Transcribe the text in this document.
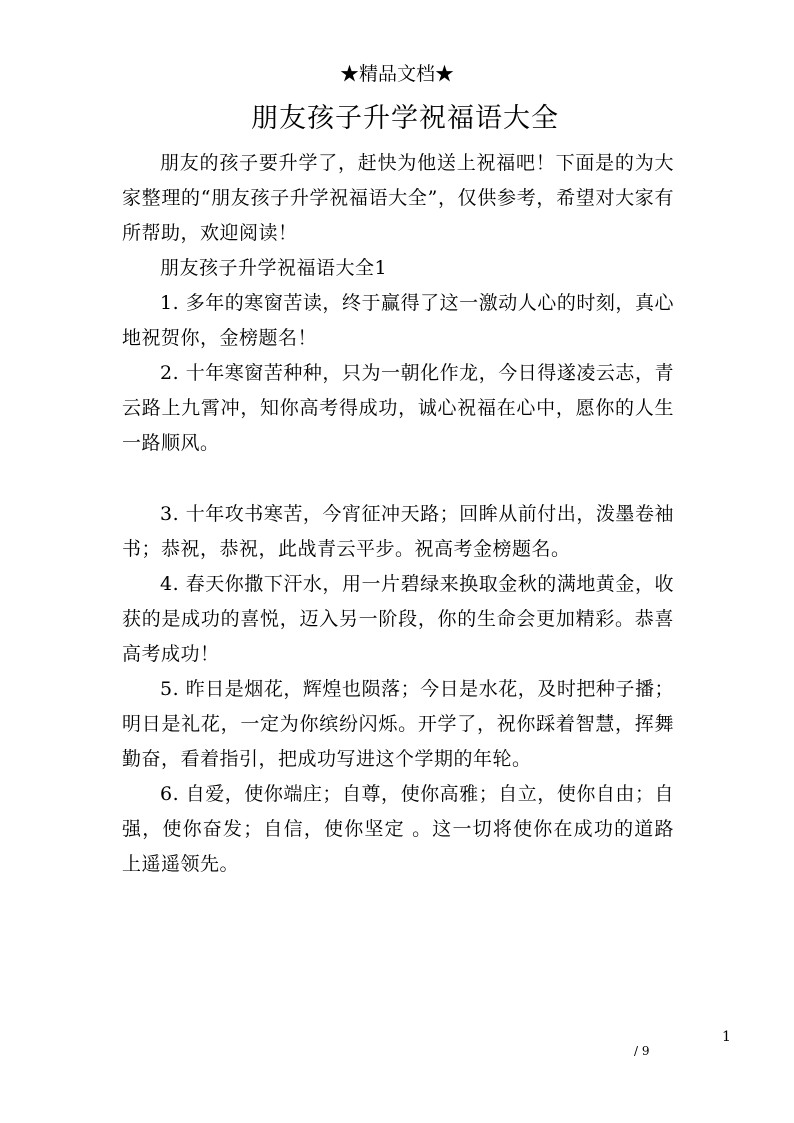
★精品文档★
朋友孩子升学祝福语大全

朋友的孩子要升学了，赶快为他送上祝福吧！下面是的为大家整理的“朋友孩子升学祝福语大全”，仅供参考，希望对大家有所帮助，欢迎阅读！

朋友孩子升学祝福语大全1

1. 多年的寒窗苦读，终于赢得了这一激动人心的时刻，真心地祝贺你，金榜题名！

2. 十年寒窗苦种种，只为一朝化作龙，今日得遂凌云志，青云路上九霄冲，知你高考得成功，诚心祝福在心中，愿你的人生一路顺风。

3. 十年攻书寒苦，今宵征冲天路；回眸从前付出，泼墨卷袖书；恭祝，恭祝，此战青云平步。祝高考金榜题名。

4. 春天你撒下汗水，用一片碧绿来换取金秋的满地黄金，收获的是成功的喜悦，迈入另一阶段，你的生命会更加精彩。恭喜高考成功！

5. 昨日是烟花，辉煌也陨落；今日是水花，及时把种子播；明日是礼花，一定为你缤纷闪烁。开学了，祝你踩着智慧，挥舞勤奋，看着指引，把成功写进这个学期的年轮。

6. 自爱，使你端庄；自尊，使你高雅；自立，使你自由；自强，使你奋发；自信，使你坚定 。这一切将使你在成功的道路上遥遥领先。

1
/ 9
